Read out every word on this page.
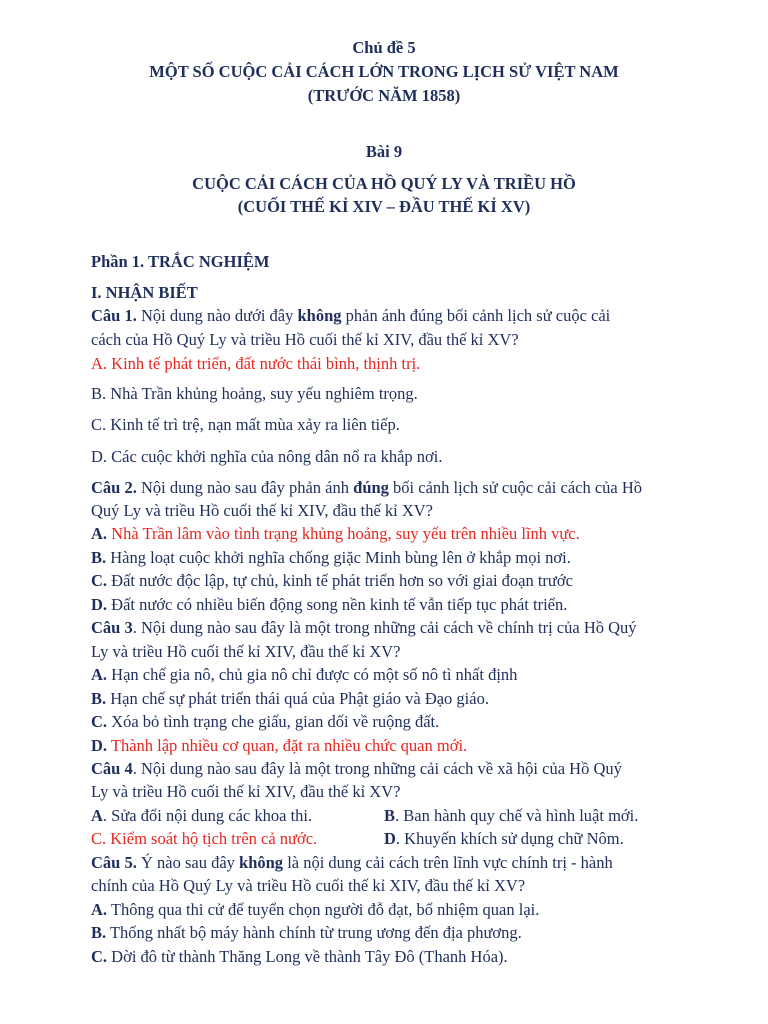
Chủ đề 5
MỘT SỐ CUỘC CẢI CÁCH LỚN TRONG LỊCH SỬ VIỆT NAM
(TRƯỚC NĂM 1858)
Bài 9
CUỘC CẢI CÁCH CỦA HỒ QUÝ LY VÀ TRIỀU HỒ
(CUỐI THẾ KỈ XIV – ĐẦU THẾ KỈ XV)
Phần 1. TRẮC NGHIỆM
I. NHẬN BIẾT
Câu 1. Nội dung nào dưới đây không phản ánh đúng bối cảnh lịch sử cuộc cải
cách của Hồ Quý Ly và triều Hồ cuối thế kỉ XIV, đầu thế kỉ XV?
A. Kinh tế phát triển, đất nước thái bình, thịnh trị.
B. Nhà Trần khủng hoảng, suy yếu nghiêm trọng.
C. Kinh tế trì trệ, nạn mất mùa xảy ra liên tiếp.
D. Các cuộc khởi nghĩa của nông dân nổ ra khắp nơi.
Câu 2. Nội dung nào sau đây phản ánh đúng bối cảnh lịch sử cuộc cải cách của Hồ
Quý Ly và triều Hồ cuối thế kỉ XIV, đầu thế kỉ XV?
A. Nhà Trần lâm vào tình trạng khủng hoảng, suy yếu trên nhiều lĩnh vực.
B. Hàng loạt cuộc khởi nghĩa chống giặc Minh bùng lên ở khắp mọi nơi.
C. Đất nước độc lập, tự chủ, kinh tế phát triển hơn so với giai đoạn trước
D. Đất nước có nhiều biến động song nền kinh tế vẫn tiếp tục phát triển.
Câu 3. Nội dung nào sau đây là một trong những cải cách về chính trị của Hồ Quý
Ly và triều Hồ cuối thế kỉ XIV, đầu thế kỉ XV?
A. Hạn chế gia nô, chủ gia nô chỉ được có một số nô tì nhất định
B. Hạn chế sự phát triển thái quá của Phật giáo và Đạo giáo.
C. Xóa bỏ tình trạng che giấu, gian dối về ruộng đất.
D. Thành lập nhiều cơ quan, đặt ra nhiều chức quan mới.
Câu 4. Nội dung nào sau đây là một trong những cải cách về xã hội của Hồ Quý
Ly và triều Hồ cuối thế kỉ XIV, đầu thế kỉ XV?
A. Sửa đổi nội dung các khoa thi.	B. Ban hành quy chế và hình luật mới.
C. Kiểm soát hộ tịch trên cả nước.	D. Khuyến khích sử dụng chữ Nôm.
Câu 5. Ý nào sau đây không là nội dung cải cách trên lĩnh vực chính trị - hành
chính của Hồ Quý Ly và triều Hồ cuối thế kỉ XIV, đầu thế kỉ XV?
A. Thông qua thi cử để tuyển chọn người đỗ đạt, bổ nhiệm quan lại.
B. Thống nhất bộ máy hành chính từ trung ương đến địa phương.
C. Dời đô từ thành Thăng Long về thành Tây Đô (Thanh Hóa).
